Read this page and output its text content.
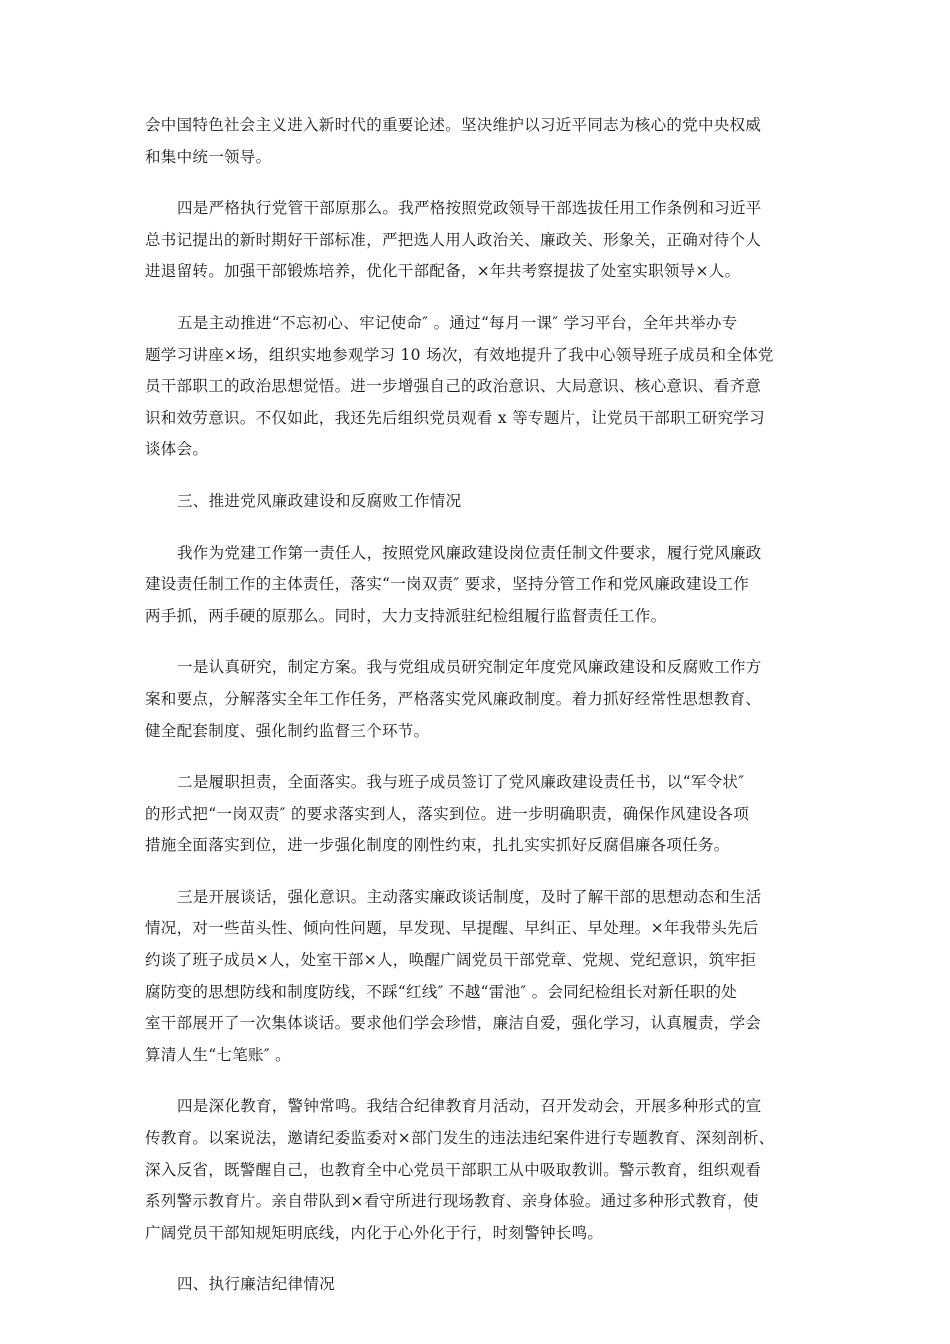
会中国特色社会主义进入新时代的重要论述。坚决维护以习近平同志为核心的党中央权威
和集中统一领导。

四是严格执行党管干部原那么。我严格按照党政领导干部选拔任用工作条例和习近平
总书记提出的新时期好干部标准，严把选人用人政治关、廉政关、形象关，正确对待个人
进退留转。加强干部锻炼培养，优化干部配备，×年共考察提拔了处室实职领导×人。

五是主动推进“不忘初心、牢记使命″ 。通过“每月一课″ 学习平台，全年共举办专
题学习讲座×场，组织实地参观学习 10 场次，有效地提升了我中心领导班子成员和全体党
员干部职工的政治思想觉悟。进一步增强自己的政治意识、大局意识、核心意识、看齐意
识和效劳意识。不仅如此，我还先后组织党员观看 x 等专题片，让党员干部职工研究学习
谈体会。

三、推进党风廉政建设和反腐败工作情况

我作为党建工作第一责任人，按照党风廉政建设岗位责任制文件要求，履行党风廉政
建设责任制工作的主体责任，落实“一岗双责″ 要求，坚持分管工作和党风廉政建设工作
两手抓，两手硬的原那么。同时，大力支持派驻纪检组履行监督责任工作。

一是认真研究，制定方案。我与党组成员研究制定年度党风廉政建设和反腐败工作方
案和要点，分解落实全年工作任务，严格落实党风廉政制度。着力抓好经常性思想教育、
健全配套制度、强化制约监督三个环节。

二是履职担责，全面落实。我与班子成员签订了党风廉政建设责任书，以“军令状″
的形式把“一岗双责″ 的要求落实到人，落实到位。进一步明确职责，确保作风建设各项
措施全面落实到位，进一步强化制度的刚性约束，扎扎实实抓好反腐倡廉各项任务。

三是开展谈话，强化意识。主动落实廉政谈话制度，及时了解干部的思想动态和生活
情况，对一些苗头性、倾向性问题，早发现、早提醒、早纠正、早处理。×年我带头先后
约谈了班子成员×人，处室干部×人，唤醒广阔党员干部党章、党规、党纪意识，筑牢拒
腐防变的思想防线和制度防线，不踩“红线″ 不越“雷池″ 。会同纪检组长对新任职的处
室干部展开了一次集体谈话。要求他们学会珍惜，廉洁自爱，强化学习，认真履责，学会
算清人生“七笔账″ 。

四是深化教育，警钟常鸣。我结合纪律教育月活动，召开发动会，开展多种形式的宣
传教育。以案说法，邀请纪委监委对×部门发生的违法违纪案件进行专题教育、深刻剖析、
深入反省，既警醒自己，也教育全中心党员干部职工从中吸取教训。警示教育，组织观看
系列警示教育片。亲自带队到×看守所进行现场教育、亲身体验。通过多种形式教育，使
广阔党员干部知规矩明底线，内化于心外化于行，时刻警钟长鸣。

四、执行廉洁纪律情况
